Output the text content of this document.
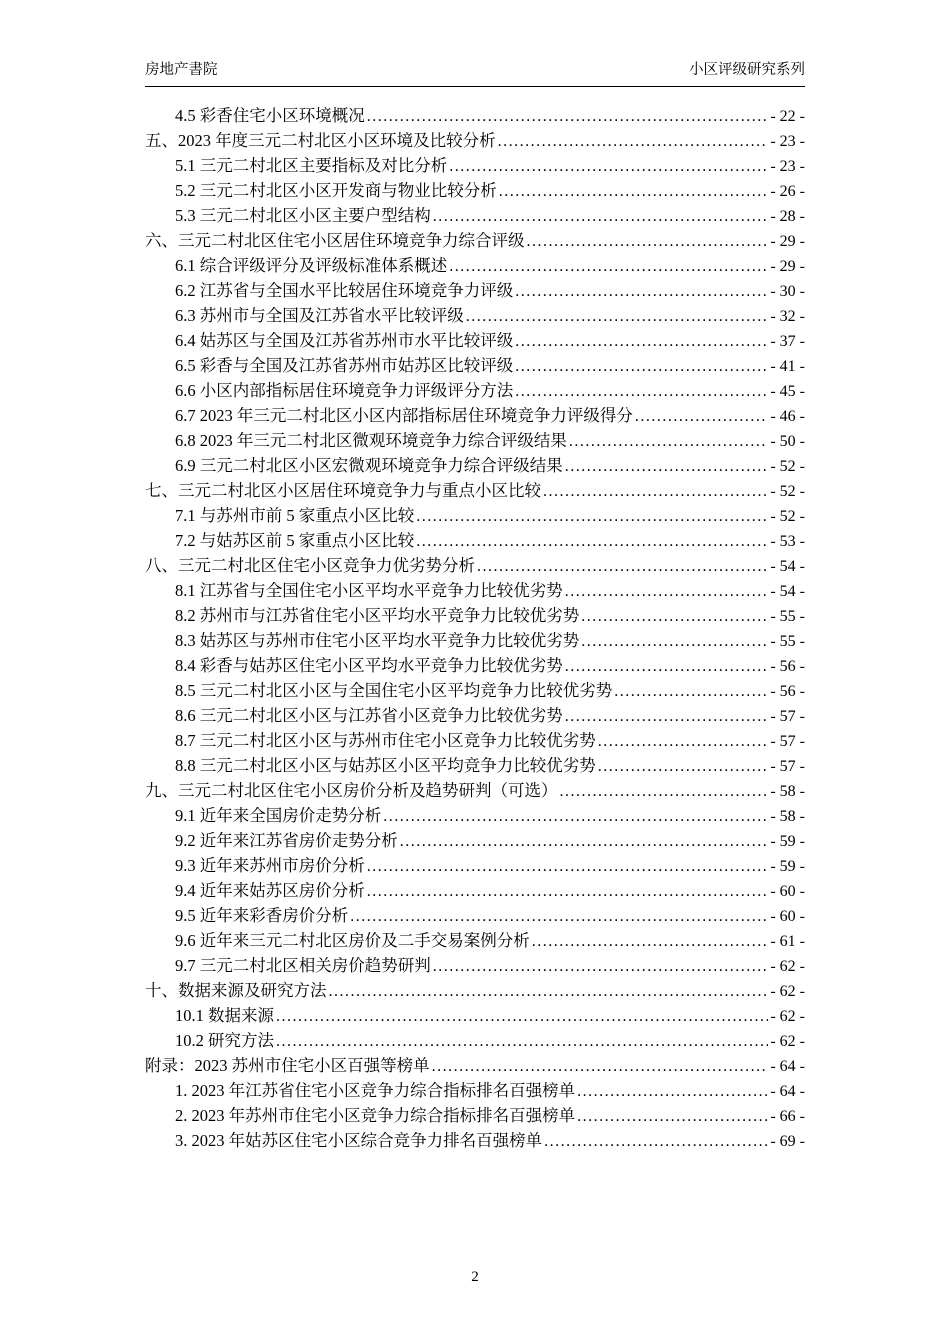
房地产書院	小区评级研究系列
4.5 彩香住宅小区环境概况 .....	- 22 -
五、2023 年度三元二村北区小区环境及比较分析 .....	- 23 -
5.1 三元二村北区主要指标及对比分析 .....	- 23 -
5.2 三元二村北区小区开发商与物业比较分析 .....	- 26 -
5.3 三元二村北区小区主要户型结构 .....	- 28 -
六、三元二村北区住宅小区居住环境竞争力综合评级 .....	- 29 -
6.1 综合评级评分及评级标准体系概述 .....	- 29 -
6.2 江苏省与全国水平比较居住环境竞争力评级 .....	- 30 -
6.3 苏州市与全国及江苏省水平比较评级 .....	- 32 -
6.4 姑苏区与全国及江苏省苏州市水平比较评级 .....	- 37 -
6.5 彩香与全国及江苏省苏州市姑苏区比较评级 .....	- 41 -
6.6 小区内部指标居住环境竞争力评级评分方法 .....	- 45 -
6.7 2023 年三元二村北区小区内部指标居住环境竞争力评级得分 .....	- 46 -
6.8 2023 年三元二村北区微观环境竞争力综合评级结果 .....	- 50 -
6.9 三元二村北区小区宏微观环境竞争力综合评级结果 .....	- 52 -
七、三元二村北区小区居住环境竞争力与重点小区比较 .....	- 52 -
7.1 与苏州市前 5 家重点小区比较 .....	- 52 -
7.2 与姑苏区前 5 家重点小区比较 .....	- 53 -
八、三元二村北区住宅小区竞争力优劣势分析 .....	- 54 -
8.1 江苏省与全国住宅小区平均水平竞争力比较优劣势 .....	- 54 -
8.2 苏州市与江苏省住宅小区平均水平竞争力比较优劣势 .....	- 55 -
8.3 姑苏区与苏州市住宅小区平均水平竞争力比较优劣势 .....	- 55 -
8.4 彩香与姑苏区住宅小区平均水平竞争力比较优劣势 .....	- 56 -
8.5 三元二村北区小区与全国住宅小区平均竞争力比较优劣势 .....	- 56 -
8.6 三元二村北区小区与江苏省小区竞争力比较优劣势 .....	- 57 -
8.7 三元二村北区小区与苏州市住宅小区竞争力比较优劣势 .....	- 57 -
8.8 三元二村北区小区与姑苏区小区平均竞争力比较优劣势 .....	- 57 -
九、三元二村北区住宅小区房价分析及趋势研判（可选） .....	- 58 -
9.1 近年来全国房价走势分析 .....	- 58 -
9.2 近年来江苏省房价走势分析 .....	- 59 -
9.3 近年来苏州市房价分析 .....	- 59 -
9.4 近年来姑苏区房价分析 .....	- 60 -
9.5 近年来彩香房价分析 .....	- 60 -
9.6 近年来三元二村北区房价及二手交易案例分析 .....	- 61 -
9.7 三元二村北区相关房价趋势研判 .....	- 62 -
十、数据来源及研究方法 .....	- 62 -
10.1 数据来源 .....	- 62 -
10.2 研究方法 .....	- 62 -
附录：2023 苏州市住宅小区百强等榜单 .....	- 64 -
1. 2023 年江苏省住宅小区竞争力综合指标排名百强榜单 .....	- 64 -
2. 2023 年苏州市住宅小区竞争力综合指标排名百强榜单 .....	- 66 -
3. 2023 年姑苏区住宅小区综合竞争力排名百强榜单 .....	- 69 -
2
